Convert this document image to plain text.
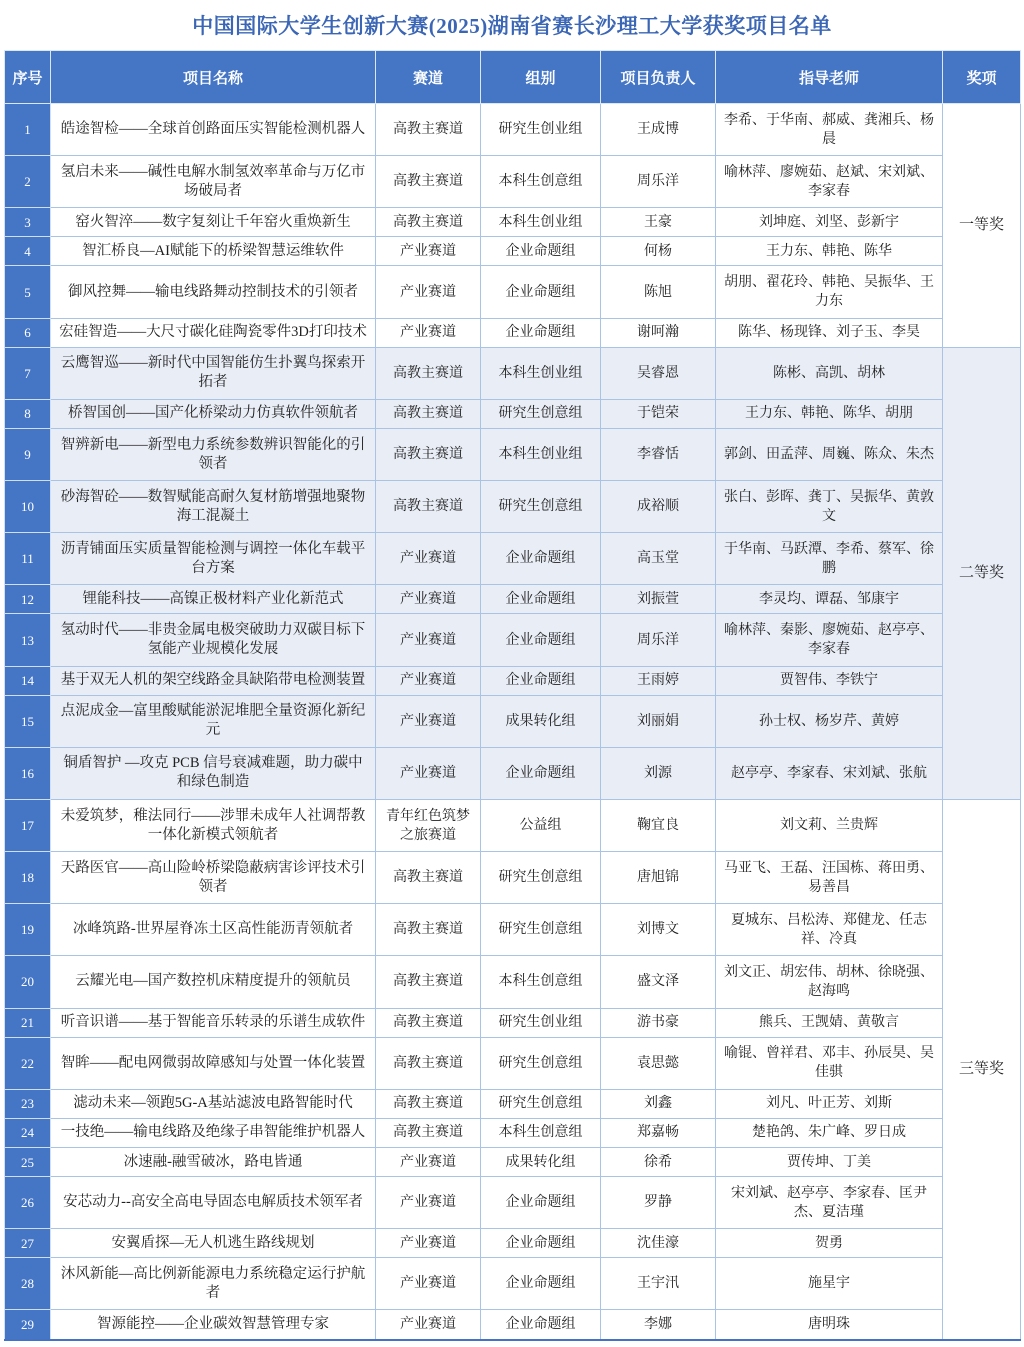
中国国际大学生创新大赛(2025)湖南省赛长沙理工大学获奖项目名单
序号	项目名称	赛道	组别	项目负责人	指导老师	奖项
1	皓途智检——全球首创路面压实智能检测机器人	高教主赛道	研究生创业组	王成博	李希、于华南、郝威、龚湘兵、杨晨	一等奖
2	氢启未来——碱性电解水制氢效率革命与万亿市场破局者	高教主赛道	本科生创意组	周乐洋	喻林萍、廖婉茹、赵斌、宋刘斌、李家春	
3	窑火智淬——数字复刻让千年窑火重焕新生	高教主赛道	本科生创业组	王豪	刘坤庭、刘坚、彭新宇	
4	智汇桥良—AI赋能下的桥梁智慧运维软件	产业赛道	企业命题组	何杨	王力东、韩艳、陈华	
5	御风控舞——输电线路舞动控制技术的引领者	产业赛道	企业命题组	陈旭	胡朋、翟花玲、韩艳、吴振华、王力东	
6	宏硅智造——大尺寸碳化硅陶瓷零件3D打印技术	产业赛道	企业命题组	谢呵瀚	陈华、杨现锋、刘子玉、李昊	
7	云鹰智巡——新时代中国智能仿生扑翼鸟探索开拓者	高教主赛道	本科生创业组	吴睿恩	陈彬、高凯、胡林	二等奖
8	桥智国创——国产化桥梁动力仿真软件领航者	高教主赛道	研究生创意组	于铠荣	王力东、韩艳、陈华、胡朋	
9	智辨新电——新型电力系统参数辨识智能化的引领者	高教主赛道	本科生创业组	李睿恬	郭剑、田孟萍、周巍、陈众、朱杰	
10	砂海智砼——数智赋能高耐久复材筋增强地聚物海工混凝土	高教主赛道	研究生创意组	成裕顺	张白、彭晖、龚丁、吴振华、黄敦文	
11	沥青铺面压实质量智能检测与调控一体化车载平台方案	产业赛道	企业命题组	高玉堂	于华南、马跃潭、李希、蔡军、徐鹏	
12	锂能科技——高镍正极材料产业化新范式	产业赛道	企业命题组	刘振萱	李灵均、谭磊、邹康宇	
13	氢动时代——非贵金属电极突破助力双碳目标下氢能产业规模化发展	产业赛道	企业命题组	周乐洋	喻林萍、秦影、廖婉茹、赵亭亭、李家春	
14	基于双无人机的架空线路金具缺陷带电检测装置	产业赛道	企业命题组	王雨婷	贾智伟、李铁宁	
15	点泥成金—富里酸赋能淤泥堆肥全量资源化新纪元	产业赛道	成果转化组	刘丽娟	孙士权、杨岁芹、黄婷	
16	铜盾智护 —攻克 PCB 信号衰减难题，助力碳中和绿色制造	产业赛道	企业命题组	刘源	赵亭亭、李家春、宋刘斌、张航	
17	未爱筑梦，稚法同行——涉罪未成年人社调帮教一体化新模式领航者	青年红色筑梦之旅赛道	公益组	鞠宜良	刘文莉、兰贵辉	三等奖
18	天路医官——高山险岭桥梁隐蔽病害诊评技术引领者	高教主赛道	研究生创意组	唐旭锦	马亚飞、王磊、汪国栋、蒋田勇、易善昌	
19	冰峰筑路-世界屋脊冻土区高性能沥青领航者	高教主赛道	研究生创意组	刘博文	夏城东、吕松涛、郑健龙、任志祥、冷真	
20	云耀光电—国产数控机床精度提升的领航员	高教主赛道	本科生创意组	盛文泽	刘文正、胡宏伟、胡林、徐晓强、赵海鸣	
21	听音识谱——基于智能音乐转录的乐谱生成软件	高教主赛道	研究生创业组	游书豪	熊兵、王觊婧、黄敬言	
22	智眸——配电网微弱故障感知与处置一体化装置	高教主赛道	研究生创意组	袁思懿	喻锟、曾祥君、邓丰、孙辰昊、吴佳骐	
23	滤动未来—领跑5G-A基站滤波电路智能时代	高教主赛道	研究生创意组	刘鑫	刘凡、叶正芳、刘斯	
24	一技绝——输电线路及绝缘子串智能维护机器人	高教主赛道	本科生创意组	郑嘉畅	楚艳鸽、朱广峰、罗日成	
25	冰速融-融雪破冰，路电皆通	产业赛道	成果转化组	徐希	贾传坤、丁美	
26	安芯动力--高安全高电导固态电解质技术领军者	产业赛道	企业命题组	罗静	宋刘斌、赵亭亭、李家春、匡尹杰、夏洁瑾	
27	安翼盾探—无人机逃生路线规划	产业赛道	企业命题组	沈佳濠	贺勇	
28	沐风新能—高比例新能源电力系统稳定运行护航者	产业赛道	企业命题组	王宇汛	施星宇	
29	智源能控——企业碳效智慧管理专家	产业赛道	企业命题组	李娜	唐明珠	
